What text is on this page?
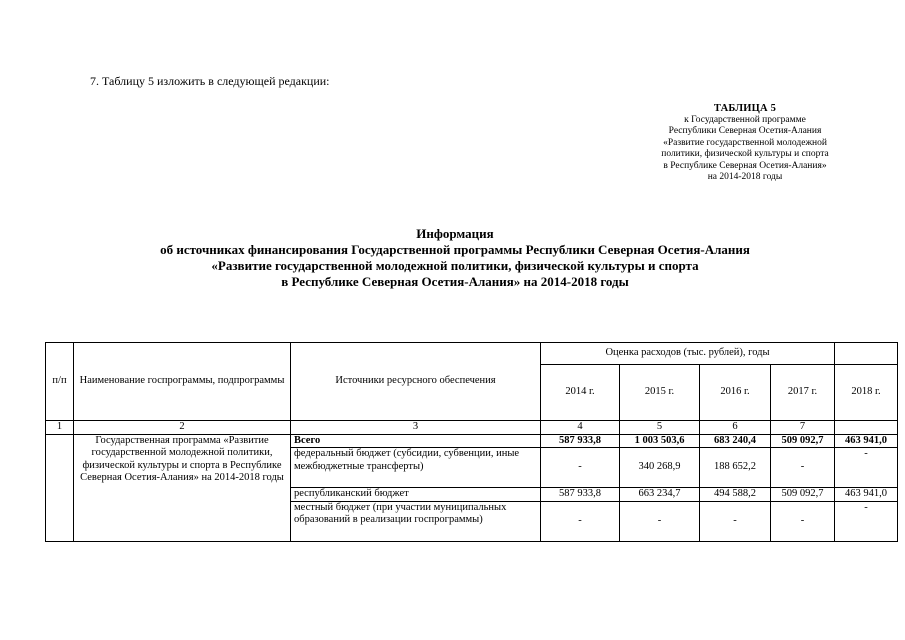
7. Таблицу 5 изложить в следующей редакции:
ТАБЛИЦА 5
к Государственной программе
Республики Северная Осетия-Алания
«Развитие государственной молодежной
политики, физической культуры и спорта
в Республике Северная Осетия-Алания»
на 2014-2018 годы
Информация
об источниках финансирования Государственной программы Республики Северная Осетия-Алания
«Развитие государственной молодежной политики, физической культуры и спорта
в Республике Северная Осетия-Алания» на 2014-2018 годы
п/п	Наименование госпрограммы, подпрограммы	Источники ресурсного обеспечения	Оценка расходов (тыс. рублей), годы				
			2014 г.	2015 г.	2016 г.	2017 г.	2018 г.
1	2	3	4	5	6	7	
	Государственная программа «Развитие государственной молодежной политики, физической культуры и спорта в Республике Северная Осетия-Алания» на 2014-2018 годы	Всего	587 933,8	1 003 503,6	683 240,4	509 092,7	463 941,0
		федеральный бюджет (субсидии, субвенции, иные межбюджетные трансферты)	-	340 268,9	188 652,2	-	-
		республиканский бюджет	587 933,8	663 234,7	494 588,2	509 092,7	463 941,0
		местный бюджет (при участии муниципальных образований в реализации госпрограммы)	-	-	-	-	-
